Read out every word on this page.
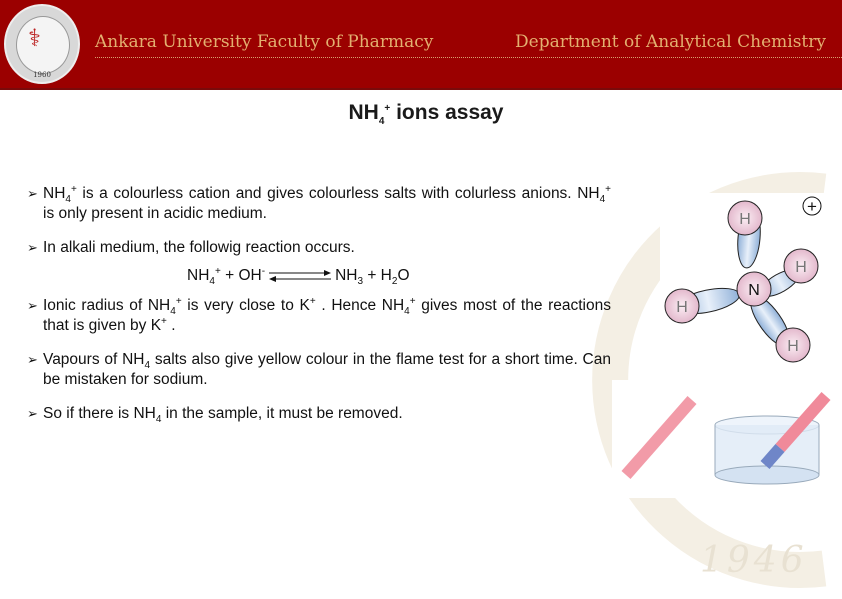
⚕
1960
Ankara University Faculty of Pharmacy	Department of Analytical Chemistry
1946
$NH_4^+$ ions assay
➢ $NH_4^+$ is a colourless cation and gives colourless salts with colurless anions. $NH_4^+$ is only present in acidic medium.
➢ In alkali medium, the followig reaction occurs.
$NH_4^+ + OH^-$	$NH_3 + H_2O$
➢ Ionic radius of $NH_4^+$ is very close to K+ . Hence $NH_4^+$ gives most of the reactions that is given by K+ .
➢ Vapours of $NH_4$ salts also give yellow colour in the flame test for a short time. Can be mistaken for sodium.
➢ So if there is $NH_4$ in the sample, it must be removed.
N
H
H
H
H
+
